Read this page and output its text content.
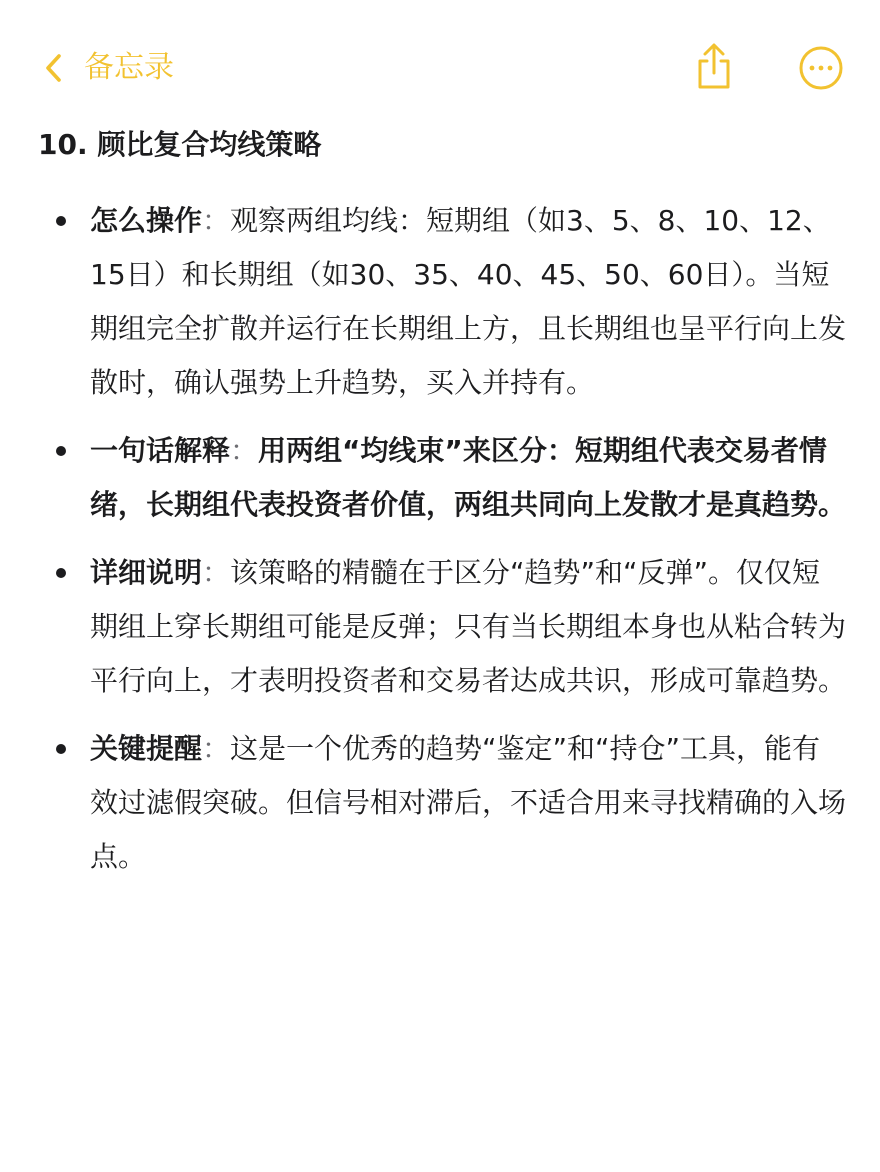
备忘录
10. 顾比复合均线策略
怎么操作：观察两组均线：短期组（如3、5、8、10、12、15日）和长期组（如30、35、40、45、50、60日）。当短期组完全扩散并运行在长期组上方，且长期组也呈平行向上发散时，确认强势上升趋势，买入并持有。
一句话解释：用两组“均线束”来区分：短期组代表交易者情绪，长期组代表投资者价值，两组共同向上发散才是真趋势。
详细说明：该策略的精髓在于区分“趋势”和“反弹”。仅仅短期组上穿长期组可能是反弹；只有当长期组本身也从粘合转为平行向上，才表明投资者和交易者达成共识，形成可靠趋势。
关键提醒：这是一个优秀的趋势“鉴定”和“持仓”工具，能有效过滤假突破。但信号相对滞后，不适合用来寻找精确的入场点。
